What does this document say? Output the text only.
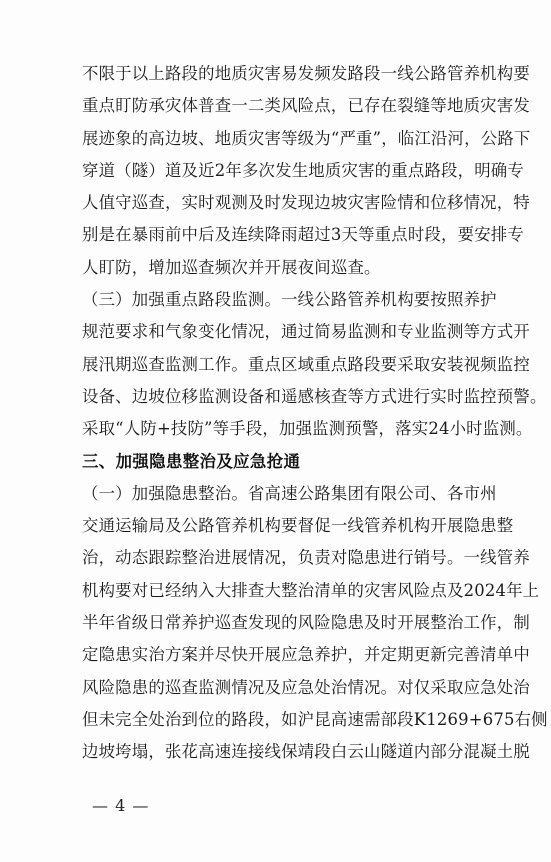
不限于以上路段的地质灾害易发频发路段一线公路管养机构要
重点盯防承灾体普查一二类风险点，已存在裂缝等地质灾害发
展迹象的高边坡、地质灾害等级为“严重”，临江沿河，公路下
穿道（隧）道及近2年多次发生地质灾害的重点路段，明确专
人值守巡查，实时观测及时发现边坡灾害险情和位移情况，特
别是在暴雨前中后及连续降雨超过3天等重点时段，要安排专
人盯防，增加巡查频次并开展夜间巡查。
（三）加强重点路段监测。一线公路管养机构要按照养护
规范要求和气象变化情况，通过简易监测和专业监测等方式开
展汛期巡查监测工作。重点区域重点路段要采取安装视频监控
设备、边坡位移监测设备和遥感核查等方式进行实时监控预警。
采取“人防+技防”等手段，加强监测预警，落实24小时监测。
三、加强隐患整治及应急抢通
（一）加强隐患整治。省高速公路集团有限公司、各市州
交通运输局及公路管养机构要督促一线管养机构开展隐患整
治，动态跟踪整治进展情况，负责对隐患进行销号。一线管养
机构要对已经纳入大排查大整治清单的灾害风险点及2024年上
半年省级日常养护巡查发现的风险隐患及时开展整治工作，制
定隐患实治方案并尽快开展应急养护，并定期更新完善清单中
风险隐患的巡查监测情况及应急处治情况。对仅采取应急处治
但未完全处治到位的路段，如沪昆高速需部段K1269+675右侧
边坡垮塌，张花高速连接线保靖段白云山隧道内部分混凝土脱
— 4 —
